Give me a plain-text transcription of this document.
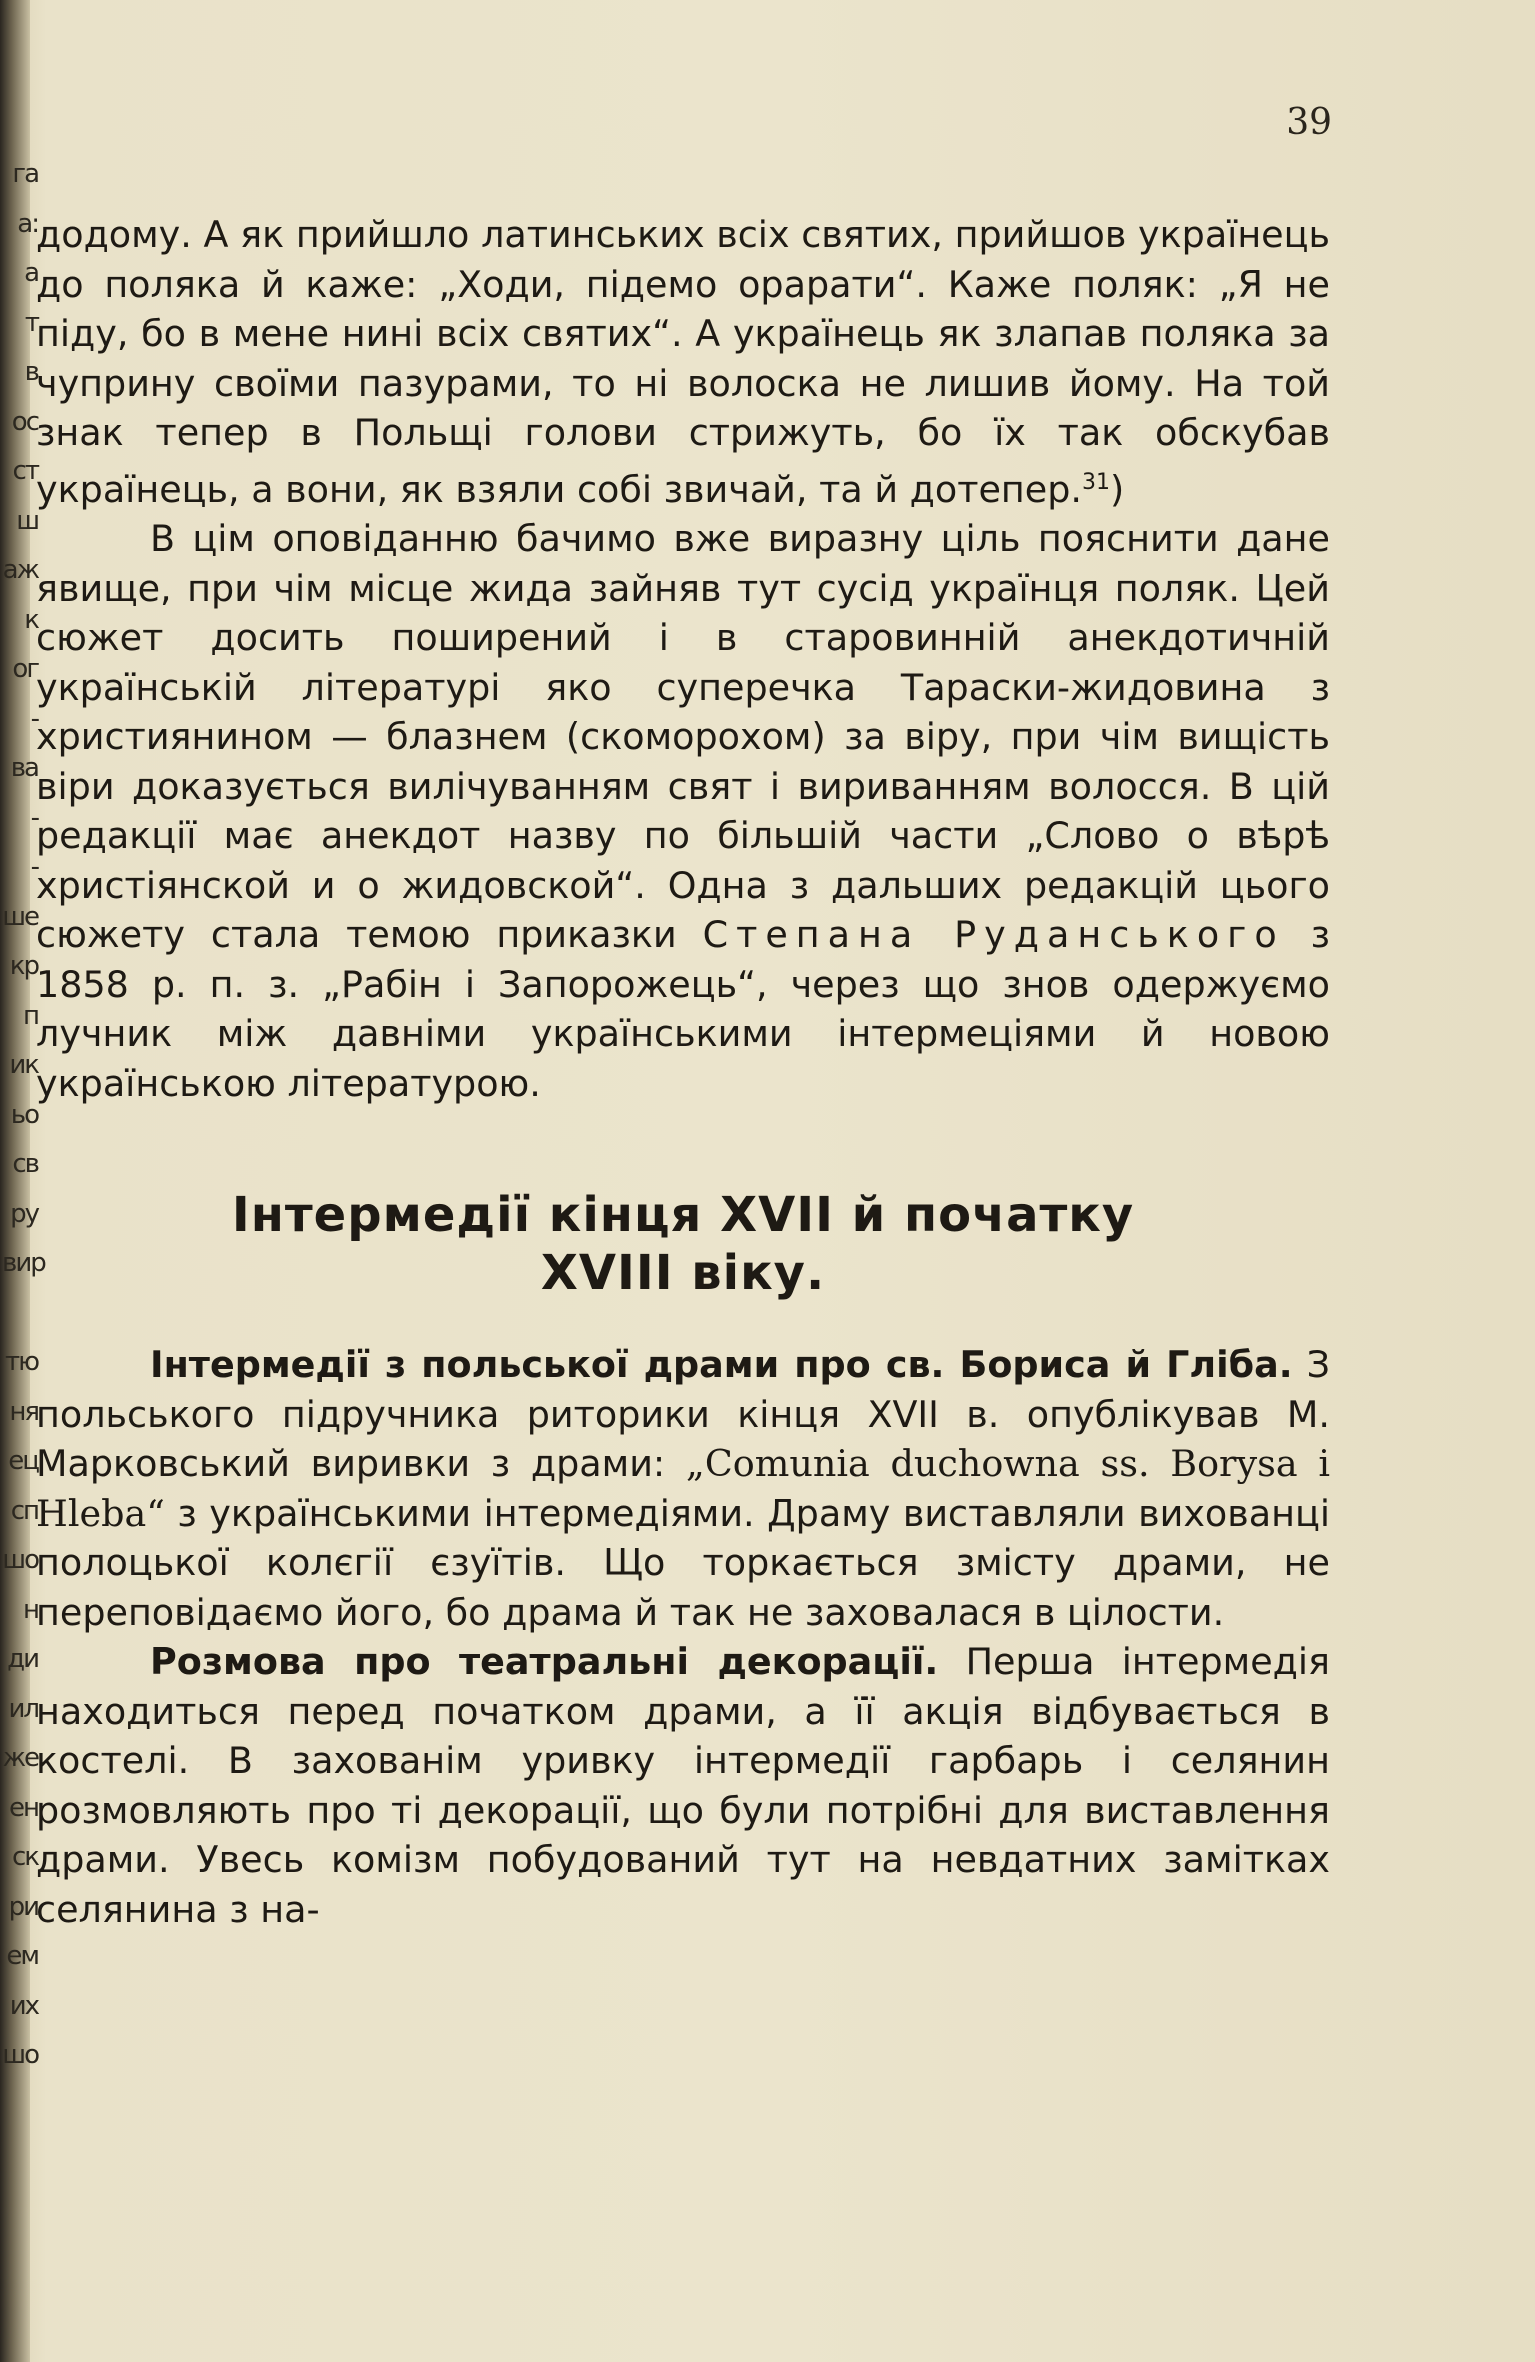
га
а:
а
т
в
ос
ст
ш
аж
к
ог
-
ва
-
-
ше
кр
п
ик
ьо
св
ру
вир
тю
ня
ец
сп
шо
н
ди
ил
же
ен
ск
ри
ем
их
шо
39

додому. А як прийшло латинських всіх святих, прийшов українець до поляка й каже: „Ходи, підемо орарати“. Каже поляк: „Я не піду, бо в мене нині всіх святих“. А українець як злапав поляка за чуприну своїми пазурами, то ні волоска не лишив йому. На той знак тепер в Польщі голови стрижуть, бо їх так обскубав українець, а вони, як взяли собі звичай, та й дотепер.$^{31}$)

В цім оповіданню бачимо вже виразну ціль пояснити дане явище, при чім місце жида зайняв тут сусід українця поляк. Цей сюжет досить поширений і в старовинній анекдотичній українській літературі яко суперечка Тараски-жидовина з християнином — блазнем (скоморохом) за віру, при чім вищість віри доказується вилічуванням свят і вириванням волосся. В цій редакції має анекдот назву по більшій части „Слово о вѣрѣ христіянской и о жидовской“. Одна з дальших редакцій цього сюжету стала темою приказки Степана Руданського з 1858 р. п. з. „Рабін і Запорожець“, через що знов одержуємо лучник між давніми українськими інтермеціями й новою українською літературою.

Інтермедії кінця XVII й початку
XVIII віку.

Інтермедії з польської драми про св. Бориса й Гліба. З польського підручника риторики кінця XVII в. опублікував М. Марковський виривки з драми: „Comunia duchowna ss. Borysa i Hleba“ з українськими інтермедіями. Драму виставляли вихованці полоцької колєгії єзуїтів. Що торкається змісту драми, не переповідаємо його, бо драма й так не заховалася в цілости.

Розмова про театральні декорації. Перша інтермедія находиться перед початком драми, а її акція відбувається в костелі. В захованім уривку інтермедії гарбарь і селянин розмовляють про ті декорації, що були потрібні для виставлення драми. Увесь комізм побудований тут на невдатних замітках селянина з на-
